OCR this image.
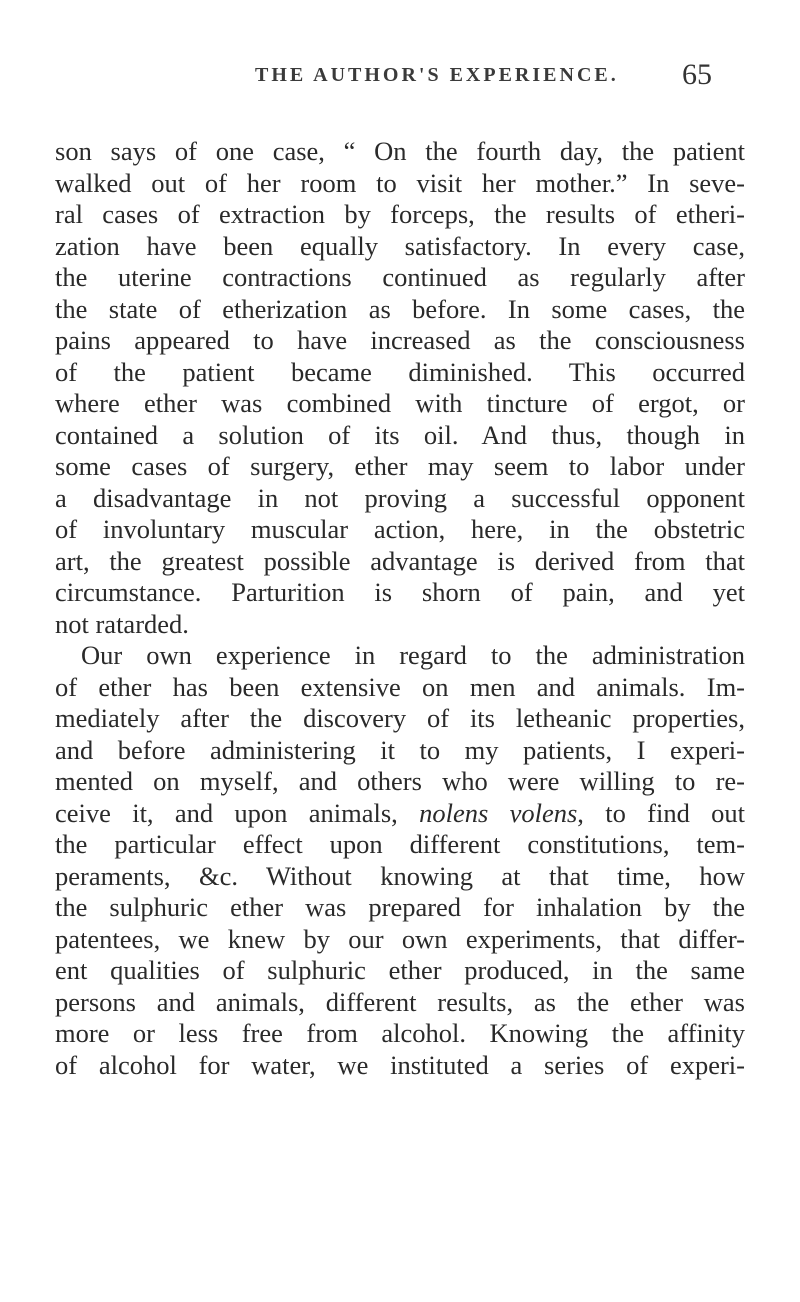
THE AUTHOR'S EXPERIENCE. 65
son says of one case, “ On the fourth day, the patient
walked out of her room to visit her mother.” In seve-
ral cases of extraction by forceps, the results of etheri-
zation have been equally satisfactory. In every case,
the uterine contractions continued as regularly after
the state of etherization as before. In some cases, the
pains appeared to have increased as the consciousness
of the patient became diminished. This occurred
where ether was combined with tincture of ergot, or
contained a solution of its oil. And thus, though in
some cases of surgery, ether may seem to labor under
a disadvantage in not proving a successful opponent
of involuntary muscular action, here, in the obstetric
art, the greatest possible advantage is derived from that
circumstance. Parturition is shorn of pain, and yet
not ratarded.
Our own experience in regard to the administration
of ether has been extensive on men and animals. Im-
mediately after the discovery of its letheanic properties,
and before administering it to my patients, I experi-
mented on myself, and others who were willing to re-
ceive it, and upon animals, nolens volens, to find out
the particular effect upon different constitutions, tem-
peraments, &c. Without knowing at that time, how
the sulphuric ether was prepared for inhalation by the
patentees, we knew by our own experiments, that differ-
ent qualities of sulphuric ether produced, in the same
persons and animals, different results, as the ether was
more or less free from alcohol. Knowing the affinity
of alcohol for water, we instituted a series of experi-
